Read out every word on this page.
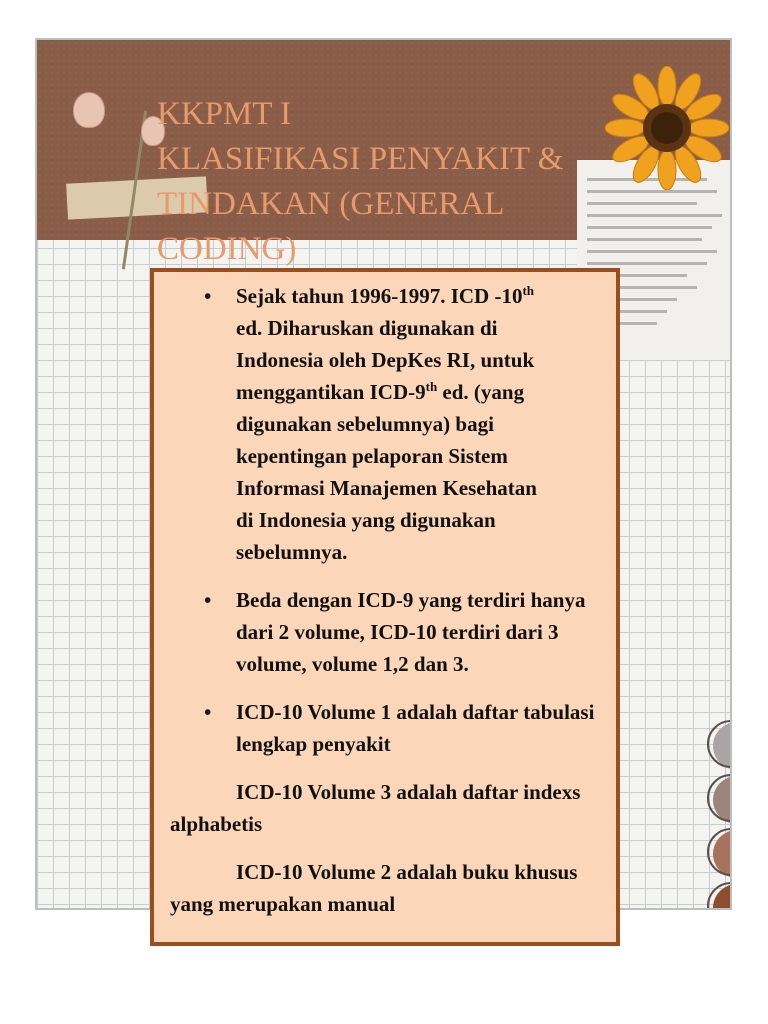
KKPMT I
KLASIFIKASI PENYAKIT &
TINDAKAN (GENERAL
CODING)
• Sejak tahun 1996-1997. ICD -10th
ed. Diharuskan digunakan di
Indonesia oleh DepKes RI, untuk
menggantikan ICD-9th ed. (yang
digunakan sebelumnya) bagi
kepentingan pelaporan Sistem
Informasi Manajemen Kesehatan
di Indonesia yang digunakan
sebelumnya.
• Beda dengan ICD-9 yang terdiri hanya dari 2 volume, ICD-10 terdiri dari 3 volume, volume 1,2 dan 3.
• ICD-10 Volume 1 adalah daftar tabulasi lengkap penyakit
ICD-10 Volume 3 adalah daftar indexs alphabetis
ICD-10 Volume 2 adalah buku khusus yang merupakan manual
